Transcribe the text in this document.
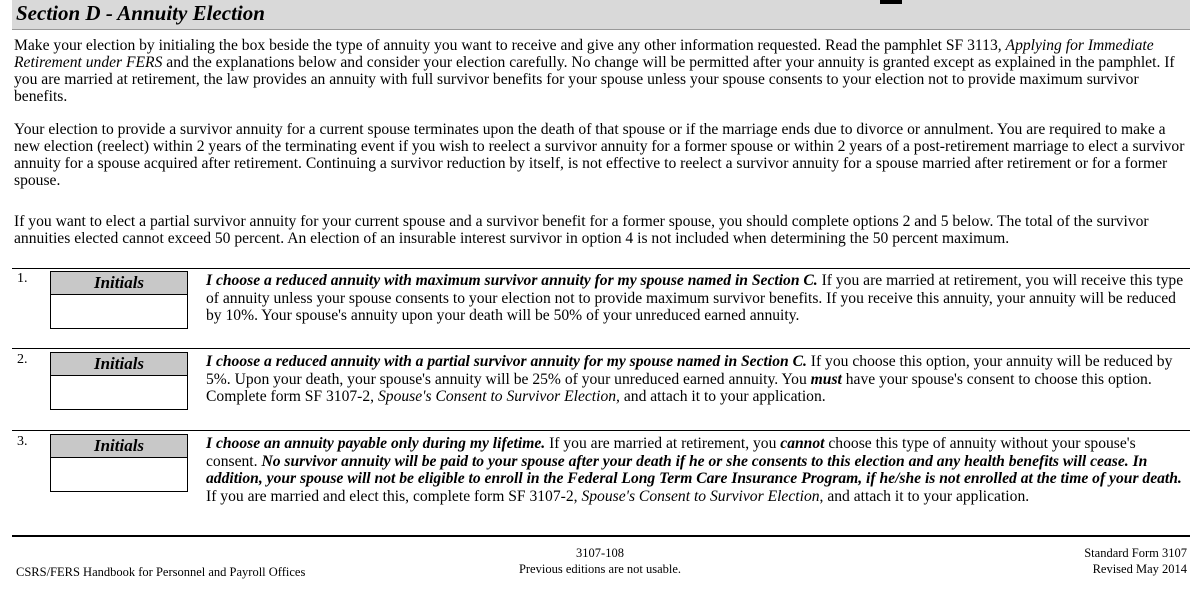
Section D - Annuity Election
Make your election by initialing the box beside the type of annuity you want to receive and give any other information requested. Read the pamphlet SF 3113, Applying for Immediate Retirement under FERS and the explanations below and consider your election carefully. No change will be permitted after your annuity is granted except as explained in the pamphlet. If you are married at retirement, the law provides an annuity with full survivor benefits for your spouse unless your spouse consents to your election not to provide maximum survivor benefits.
Your election to provide a survivor annuity for a current spouse terminates upon the death of that spouse or if the marriage ends due to divorce or annulment. You are required to make a new election (reelect) within 2 years of the terminating event if you wish to reelect a survivor annuity for a former spouse or within 2 years of a post-retirement marriage to elect a survivor annuity for a spouse acquired after retirement. Continuing a survivor reduction by itself, is not effective to reelect a survivor annuity for a spouse married after retirement or for a former spouse.
If you want to elect a partial survivor annuity for your current spouse and a survivor benefit for a former spouse, you should complete options 2 and 5 below. The total of the survivor annuities elected cannot exceed 50 percent. An election of an insurable interest survivor in option 4 is not included when determining the 50 percent maximum.
1.	Initials	I choose a reduced annuity with maximum survivor annuity for my spouse named in Section C. If you are married at retirement, you will receive this type of annuity unless your spouse consents to your election not to provide maximum survivor benefits. If you receive this annuity, your annuity will be reduced by 10%. Your spouse's annuity upon your death will be 50% of your unreduced earned annuity.
2.	Initials	I choose a reduced annuity with a partial survivor annuity for my spouse named in Section C. If you choose this option, your annuity will be reduced by 5%. Upon your death, your spouse's annuity will be 25% of your unreduced earned annuity. You must have your spouse's consent to choose this option. Complete form SF 3107-2, Spouse's Consent to Survivor Election, and attach it to your application.
3.	Initials	I choose an annuity payable only during my lifetime. If you are married at retirement, you cannot choose this type of annuity without your spouse's consent. No survivor annuity will be paid to your spouse after your death if he or she consents to this election and any health benefits will cease. In addition, your spouse will not be eligible to enroll in the Federal Long Term Care Insurance Program, if he/she is not enrolled at the time of your death. If you are married and elect this, complete form SF 3107-2, Spouse's Consent to Survivor Election, and attach it to your application.
CSRS/FERS Handbook for Personnel and Payroll Offices
3107-108
Previous editions are not usable.
Standard Form 3107
Revised May 2014
